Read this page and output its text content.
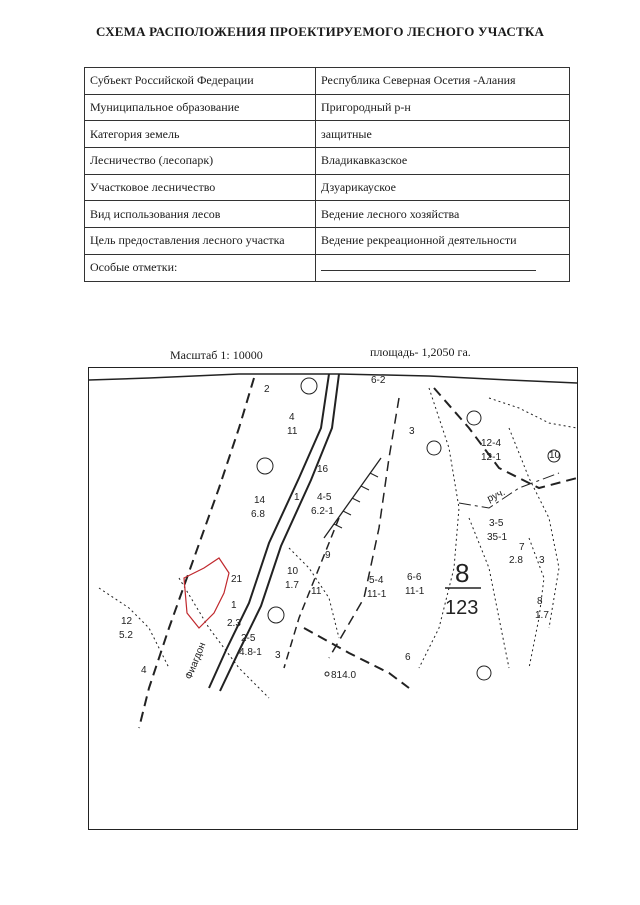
СХЕМА РАСПОЛОЖЕНИЯ ПРОЕКТИРУЕМОГО ЛЕСНОГО УЧАСТКА
Субъект Российской Федерации	Республика Северная Осетия -Алания
Муниципальное образование	Пригородный р-н
Категория земель	защитные
Лесничество (лесопарк)	Владикавказское
Участковое лесничество	Дзуарикауское
Вид использования лесов	Ведение лесного хозяйства
Цель предоставления лесного участка	Ведение рекреационной деятельности
Особые отметки:	
Масштаб 1: 10000	площадь- 1,2050 га.
2
6-2
4
11	3
12-4
12-1	10
16
14
6.8
1 4-5
6.2-1
3-5
35-1
7
2.8 3
9
21
10
1.7
11
5-4
11-1
6-6
11-1
8
1.7
12
5.2
1
2.3
2-5
4.8-1 3	6
4	814.0
8
123
руч.
Фиагдон
